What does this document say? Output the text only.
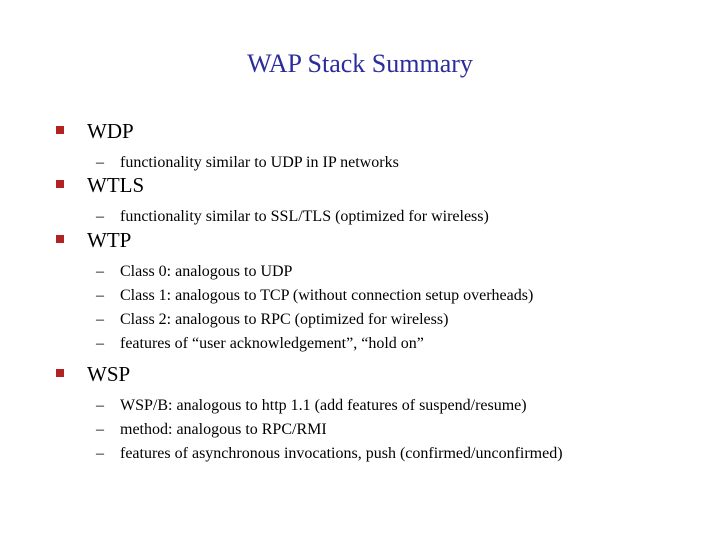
WAP Stack Summary
WDP
– functionality similar to UDP in IP networks
WTLS
– functionality similar to SSL/TLS (optimized for wireless)
WTP
– Class 0: analogous to UDP
– Class 1: analogous to TCP (without connection setup overheads)
– Class 2: analogous to RPC (optimized for wireless)
– features of “user acknowledgement”, “hold on”
WSP
– WSP/B: analogous to http 1.1 (add features of suspend/resume)
– method: analogous to RPC/RMI
– features of asynchronous invocations, push (confirmed/unconfirmed)
